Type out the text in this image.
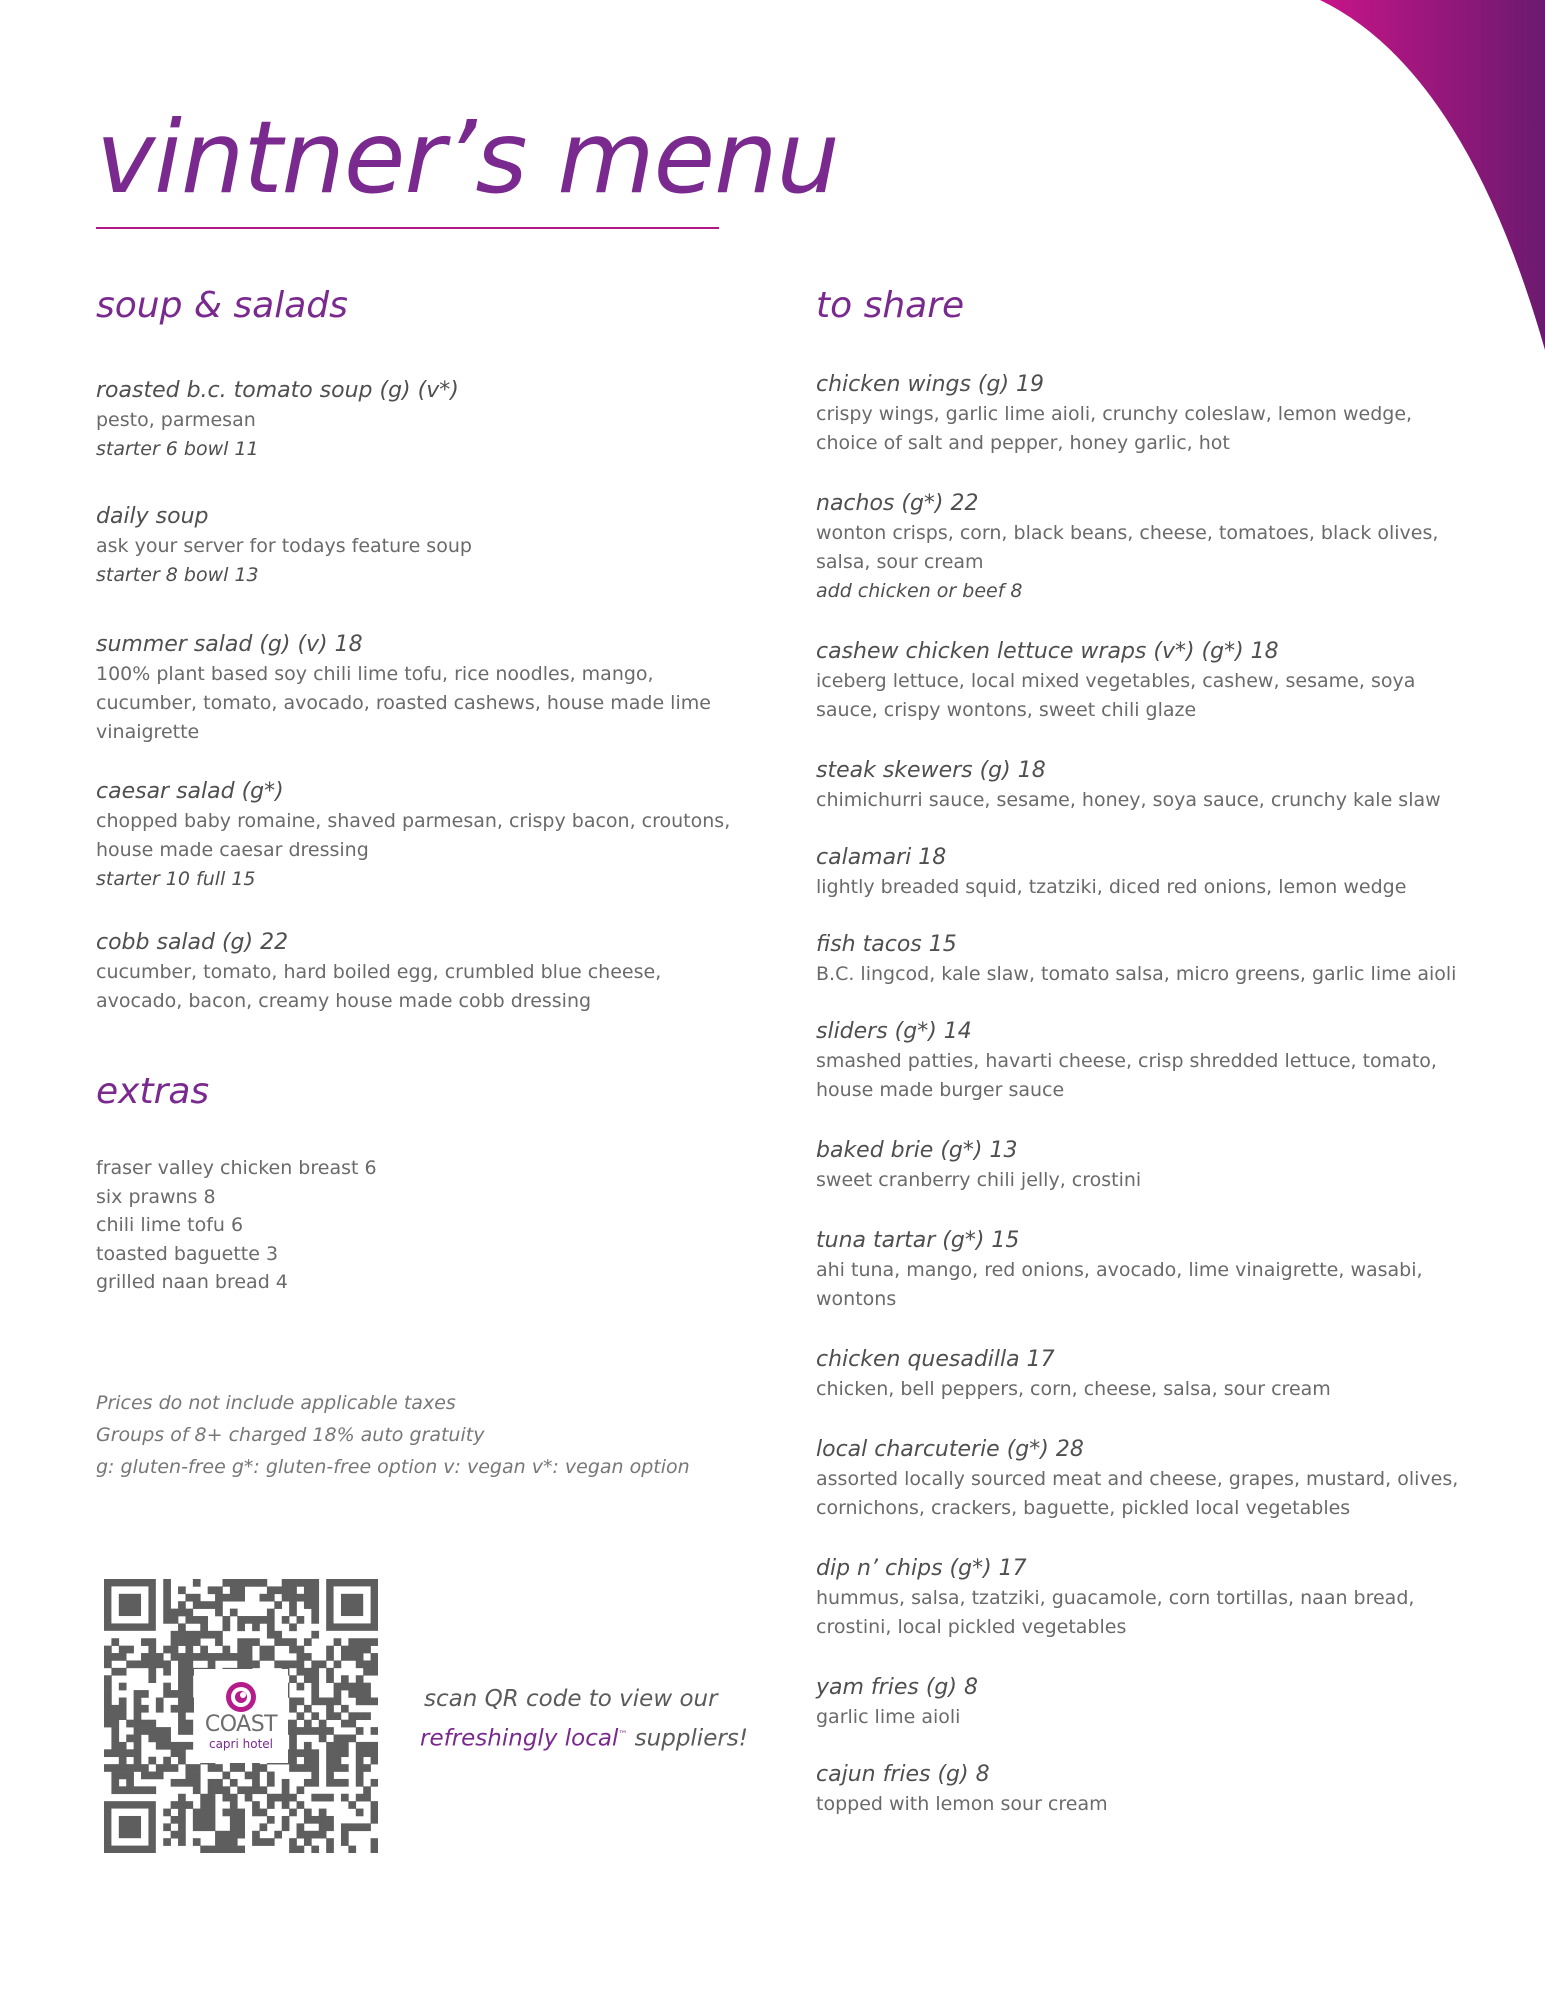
vintner’s menu
soup & salads
roasted b.c. tomato soup (g) (v*)
pesto, parmesan
starter 6 bowl 11
daily soup
ask your server for todays feature soup
starter 8 bowl 13
summer salad (g) (v) 18
100% plant based soy chili lime tofu, rice noodles, mango, cucumber, tomato, avocado, roasted cashews, house made lime vinaigrette
caesar salad (g*)
chopped baby romaine, shaved parmesan, crispy bacon, croutons, house made caesar dressing
starter 10 full 15
cobb salad (g) 22
cucumber, tomato, hard boiled egg, crumbled blue cheese, avocado, bacon, creamy house made cobb dressing
extras
fraser valley chicken breast 6
six prawns 8
chili lime tofu 6
toasted baguette 3
grilled naan bread 4
Prices do not include applicable taxes
Groups of 8+ charged 18% auto gratuity
g: gluten-free g*: gluten-free option v: vegan v*: vegan option
COAST
capri hotel
scan QR code to view our
refreshingly local™ suppliers!
to share
chicken wings (g) 19
crispy wings, garlic lime aioli, crunchy coleslaw, lemon wedge, choice of salt and pepper, honey garlic, hot
nachos (g*) 22
wonton crisps, corn, black beans, cheese, tomatoes, black olives, salsa, sour cream
add chicken or beef 8
cashew chicken lettuce wraps (v*) (g*) 18
iceberg lettuce, local mixed vegetables, cashew, sesame, soya sauce, crispy wontons, sweet chili glaze
steak skewers (g) 18
chimichurri sauce, sesame, honey, soya sauce, crunchy kale slaw
calamari 18
lightly breaded squid, tzatziki, diced red onions, lemon wedge
fish tacos 15
B.C. lingcod, kale slaw, tomato salsa, micro greens, garlic lime aioli
sliders (g*) 14
smashed patties, havarti cheese, crisp shredded lettuce, tomato, house made burger sauce
baked brie (g*) 13
sweet cranberry chili jelly, crostini
tuna tartar (g*) 15
ahi tuna, mango, red onions, avocado, lime vinaigrette, wasabi, wontons
chicken quesadilla 17
chicken, bell peppers, corn, cheese, salsa, sour cream
local charcuterie (g*) 28
assorted locally sourced meat and cheese, grapes, mustard, olives, cornichons, crackers, baguette, pickled local vegetables
dip n’ chips (g*) 17
hummus, salsa, tzatziki, guacamole, corn tortillas, naan bread, crostini, local pickled vegetables
yam fries (g) 8
garlic lime aioli
cajun fries (g) 8
topped with lemon sour cream
